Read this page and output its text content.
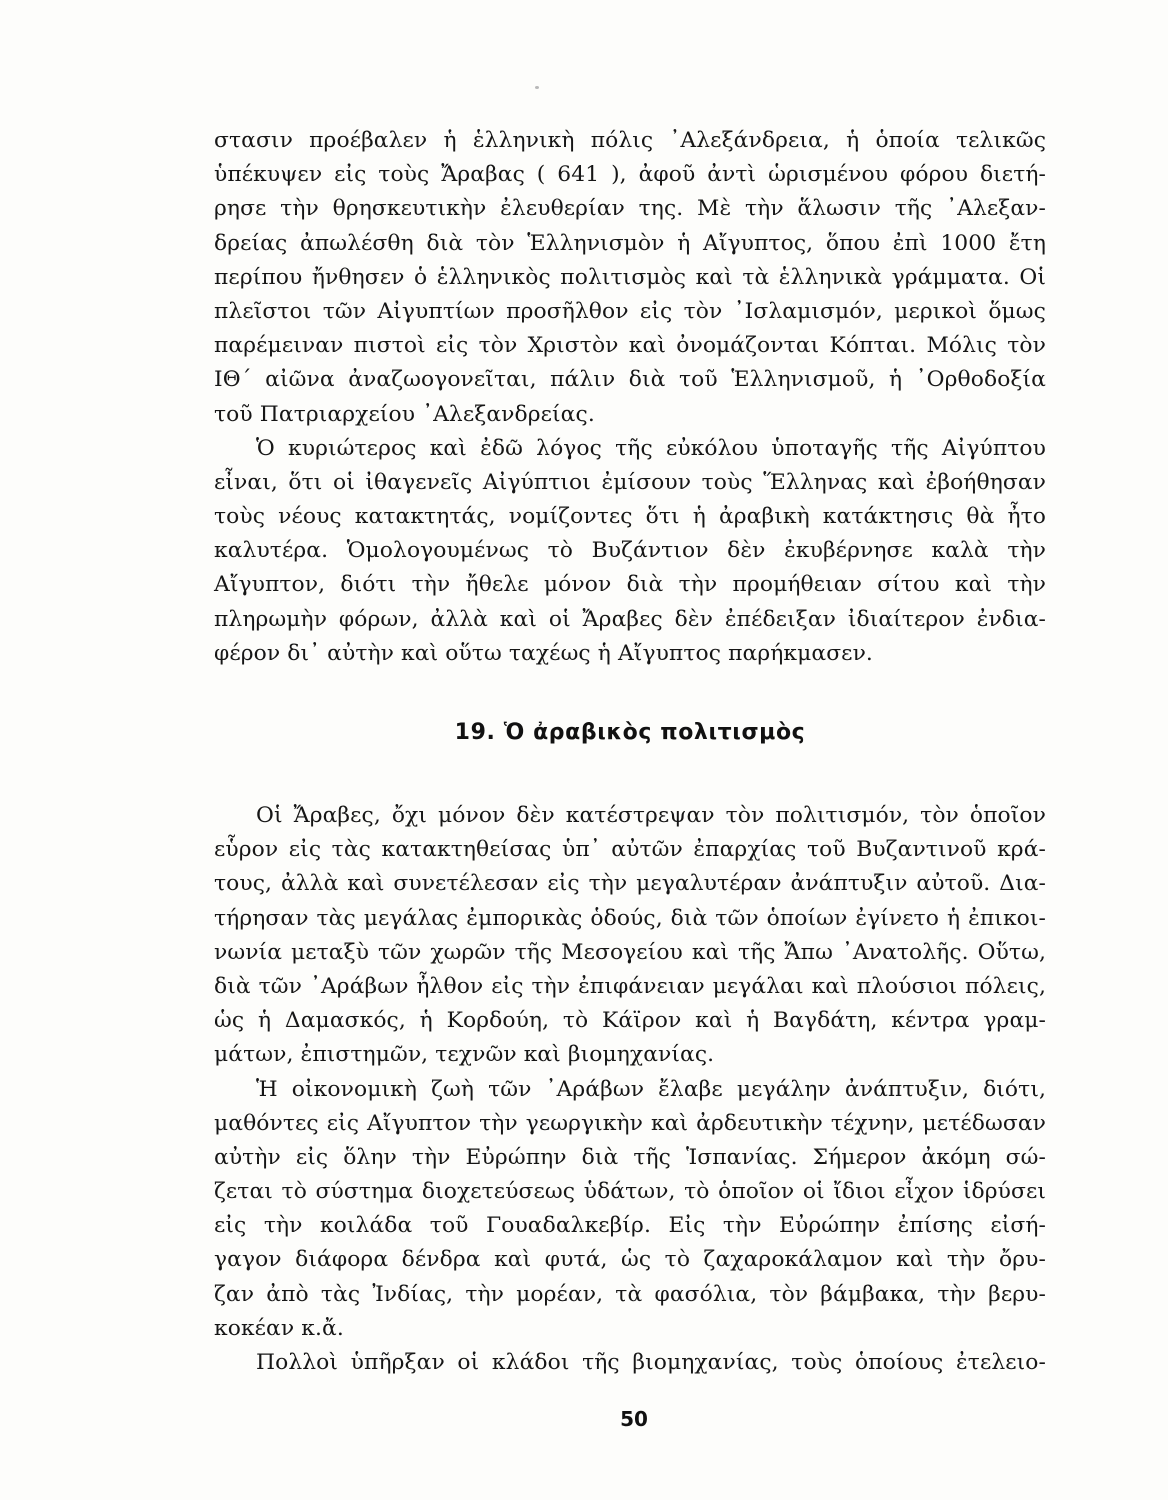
στασιν προέβαλεν ἡ ἑλληνικὴ πόλις ᾿Αλεξάνδρεια, ἡ ὁποία τελικῶς
ὑπέκυψεν εἰς τοὺς Ἄραβας ( 641 ), ἀφοῦ ἀντὶ ὡρισμένου φόρου διετή-
ρησε τὴν θρησκευτικὴν ἐλευθερίαν της. Μὲ τὴν ἅλωσιν τῆς ᾿Αλεξαν-
δρείας ἀπωλέσθη διὰ τὸν Ἑλληνισμὸν ἡ Αἴγυπτος, ὅπου ἐπὶ 1000 ἔτη
περίπου ἤνθησεν ὁ ἑλληνικὸς πολιτισμὸς καὶ τὰ ἑλληνικὰ γράμματα. Οἱ
πλεῖστοι τῶν Αἰγυπτίων προσῆλθον εἰς τὸν ᾿Ισλαμισμόν, μερικοὶ ὅμως
παρέμειναν πιστοὶ εἰς τὸν Χριστὸν καὶ ὀνομάζονται Κόπται. Μόλις τὸν
ΙΘ΄ αἰῶνα ἀναζωογονεῖται, πάλιν διὰ τοῦ Ἑλληνισμοῦ, ἡ ᾿Ορθοδοξία
τοῦ Πατριαρχείου ᾿Αλεξανδρείας.
Ὁ κυριώτερος καὶ ἐδῶ λόγος τῆς εὐκόλου ὑποταγῆς τῆς Αἰγύπτου
εἶναι, ὅτι οἱ ἰθαγενεῖς Αἰγύπτιοι ἐμίσουν τοὺς Ἕλληνας καὶ ἐβοήθησαν
τοὺς νέους κατακτητάς, νομίζοντες ὅτι ἡ ἀραβικὴ κατάκτησις θὰ ἦτο
καλυτέρα. Ὁμολογουμένως τὸ Βυζάντιον δὲν ἐκυβέρνησε καλὰ τὴν
Αἴγυπτον, διότι τὴν ἤθελε μόνον διὰ τὴν προμήθειαν σίτου καὶ τὴν
πληρωμὴν φόρων, ἀλλὰ καὶ οἱ Ἄραβες δὲν ἐπέδειξαν ἰδιαίτερον ἐνδια-
φέρον δι᾿ αὐτὴν καὶ οὕτω ταχέως ἡ Αἴγυπτος παρήκμασεν.
19. Ὁ ἀραβικὸς πολιτισμὸς
Οἱ Ἄραβες, ὄχι μόνον δὲν κατέστρεψαν τὸν πολιτισμόν, τὸν ὁποῖον
εὗρον εἰς τὰς κατακτηθείσας ὑπ᾿ αὐτῶν ἐπαρχίας τοῦ Βυζαντινοῦ κρά-
τους, ἀλλὰ καὶ συνετέλεσαν εἰς τὴν μεγαλυτέραν ἀνάπτυξιν αὐτοῦ. Δια-
τήρησαν τὰς μεγάλας ἐμπορικὰς ὁδούς, διὰ τῶν ὁποίων ἐγίνετο ἡ ἐπικοι-
νωνία μεταξὺ τῶν χωρῶν τῆς Μεσογείου καὶ τῆς Ἄπω ᾿Ανατολῆς. Οὕτω,
διὰ τῶν ᾿Αράβων ἦλθον εἰς τὴν ἐπιφάνειαν μεγάλαι καὶ πλούσιοι πόλεις,
ὡς ἡ Δαμασκός, ἡ Κορδούη, τὸ Κάϊρον καὶ ἡ Βαγδάτη, κέντρα γραμ-
μάτων, ἐπιστημῶν, τεχνῶν καὶ βιομηχανίας.
Ἡ οἰκονομικὴ ζωὴ τῶν ᾿Αράβων ἔλαβε μεγάλην ἀνάπτυξιν, διότι,
μαθόντες εἰς Αἴγυπτον τὴν γεωργικὴν καὶ ἀρδευτικὴν τέχνην, μετέδωσαν
αὐτὴν εἰς ὅλην τὴν Εὐρώπην διὰ τῆς Ἱσπανίας. Σήμερον ἀκόμη σώ-
ζεται τὸ σύστημα διοχετεύσεως ὑδάτων, τὸ ὁποῖον οἱ ἴδιοι εἶχον ἱδρύσει
εἰς τὴν κοιλάδα τοῦ Γουαδαλκεβίρ. Εἰς τὴν Εὐρώπην ἐπίσης εἰσή-
γαγον διάφορα δένδρα καὶ φυτά, ὡς τὸ ζαχαροκάλαμον καὶ τὴν ὄρυ-
ζαν ἀπὸ τὰς Ἰνδίας, τὴν μορέαν, τὰ φασόλια, τὸν βάμβακα, τὴν βερυ-
κοκέαν κ.ἄ.
Πολλοὶ ὑπῆρξαν οἱ κλάδοι τῆς βιομηχανίας, τοὺς ὁποίους ἐτελειο-
50
